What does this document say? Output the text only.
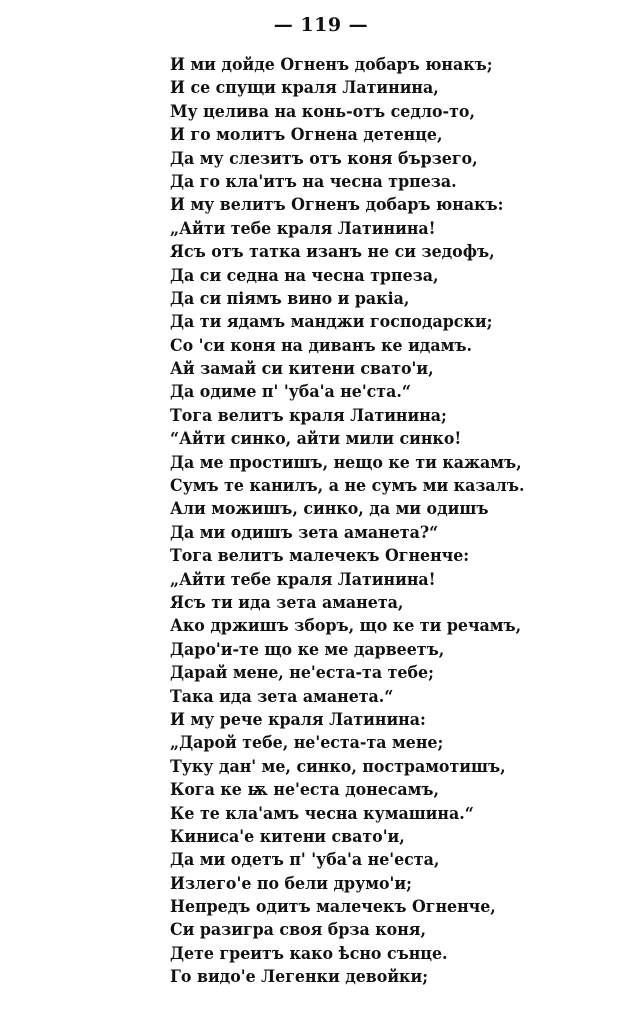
— 119 —
И ми дойде Огненъ добаръ юнакъ;
И се спущи краля Латинина,
Му целива на конь-отъ седло-то,
И го молитъ Огнена детенце,
Да му слезитъ отъ коня бързего,
Да го кла'итъ на чесна трпеза.
И му велитъ Огненъ добаръ юнакъ:
„Айти тебе краля Латинина!
Ясъ отъ татка изанъ не си зедофъ,
Да си седна на чесна трпеза,
Да си піямъ вино и ракіа,
Да ти ядамъ манджи господарски;
Со 'си коня на диванъ ке идамъ.
Ай замай си китени свато'и,
Да одиме п' 'уба'а не'ста.“
Тога велитъ краля Латинина;
“Айти синко, айти мили синко!
Да ме простишъ, нещо ке ти кажамъ,
Сумъ те канилъ, а не сумъ ми казалъ.
Али можишъ, синко, да ми одишъ
Да ми одишъ зета аманета?“
Тога велитъ малечекъ Огненче:
„Айти тебе краля Латинина!
Ясъ ти ида зета аманета,
Ако држишъ зборъ, що ке ти речамъ,
Даро'и-те що ке ме дарвеетъ,
Дарай мене, не'еста-та тебе;
Така ида зета аманета.“
И му рече краля Латинина:
„Дарой тебе, не'еста-та мене;
Туку дан' ме, синко, пострамотишъ,
Кога ке ѭ не'еста донесамъ,
Ке те кла'амъ чесна кумашина.“
Киниса'е китени свато'и,
Да ми одетъ п' 'уба'а не'еста,
Излего'е по бели друмо'и;
Непредъ одитъ малечекъ Огненче,
Си разигра своя брза коня,
Дете греитъ како ѣсно сънце.
Го видо'е Легенки девойки;
